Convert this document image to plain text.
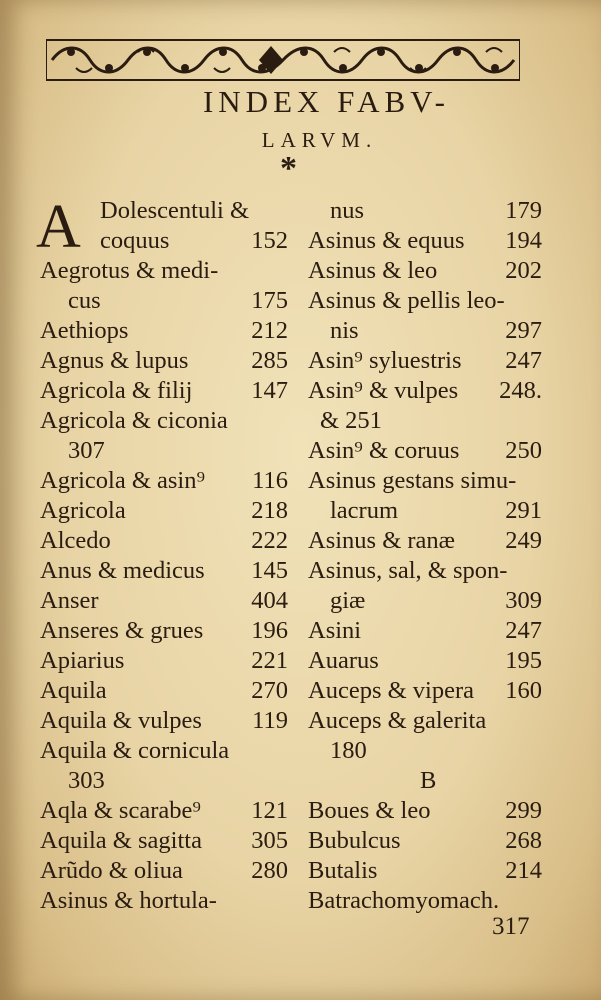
INDEX FABV-
LARVM.
*
A Dolescentuli &
coquus	152
Aegrotus & medi-
cus	175
Aethiops	212
Agnus & lupus	285
Agricola & filij 147
Agricola & ciconia
307
Agricola & asin⁹ 116
Agricola	218
Alcedo	222
Anus & medicus 145
Anser	404
Anseres & grues 196
Apiarius	221
Aquila	270
Aquila & vulpes 119
Aquila & cornicula
303
Aqla & scarabe⁹ 121
Aquila & sagitta 305
Arũdo & oliua	280
Asinus & hortula-
nus	179
Asinus & equus 194
Asinus & leo	202
Asinus & pellis leo-
nis	297
Asin⁹ syluestris 247
Asin⁹ & vulpes 248.
& 251
Asin⁹ & coruus 250
Asinus gestans simu-
lacrum	291
Asinus & ranæ 249
Asinus, sal, & spon-
giæ	309
Asini	247
Auarus	195
Auceps & vipera 160
Auceps & galerita
180
B
Boues & leo	299
Bubulcus	268
Butalis	214
Batrachomyomach.
317
